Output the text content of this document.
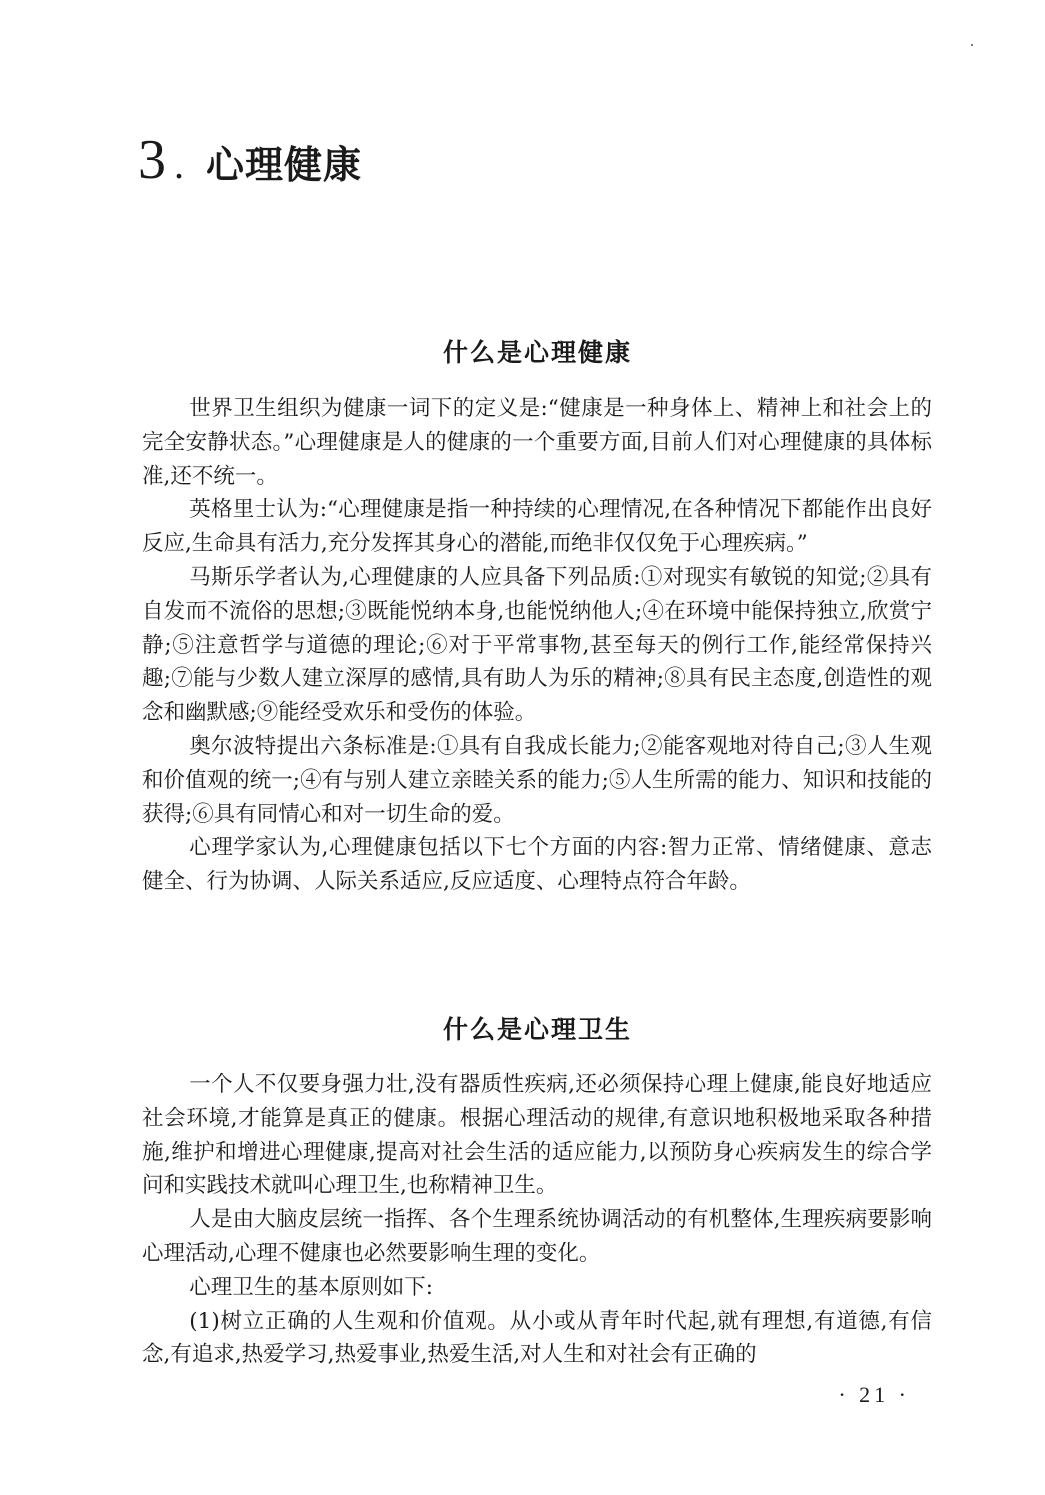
3 . 心理健康
什么是心理健康

世界卫生组织为健康一词下的定义是:“健康是一种身体上、精神上和社会上的完全安静状态。”心理健康是人的健康的一个重要方面,目前人们对心理健康的具体标准,还不统一。

英格里士认为:“心理健康是指一种持续的心理情况,在各种情况下都能作出良好反应,生命具有活力,充分发挥其身心的潜能,而绝非仅仅免于心理疾病。”

马斯乐学者认为,心理健康的人应具备下列品质:①对现实有敏锐的知觉;②具有自发而不流俗的思想;③既能悦纳本身,也能悦纳他人;④在环境中能保持独立,欣赏宁静;⑤注意哲学与道德的理论;⑥对于平常事物,甚至每天的例行工作,能经常保持兴趣;⑦能与少数人建立深厚的感情,具有助人为乐的精神;⑧具有民主态度,创造性的观念和幽默感;⑨能经受欢乐和受伤的体验。

奥尔波特提出六条标准是:①具有自我成长能力;②能客观地对待自己;③人生观和价值观的统一;④有与别人建立亲睦关系的能力;⑤人生所需的能力、知识和技能的获得;⑥具有同情心和对一切生命的爱。

心理学家认为,心理健康包括以下七个方面的内容:智力正常、情绪健康、意志健全、行为协调、人际关系适应,反应适度、心理特点符合年龄。

什么是心理卫生

一个人不仅要身强力壮,没有器质性疾病,还必须保持心理上健康,能良好地适应社会环境,才能算是真正的健康。根据心理活动的规律,有意识地积极地采取各种措施,维护和增进心理健康,提高对社会生活的适应能力,以预防身心疾病发生的综合学问和实践技术就叫心理卫生,也称精神卫生。

人是由大脑皮层统一指挥、各个生理系统协调活动的有机整体,生理疾病要影响心理活动,心理不健康也必然要影响生理的变化。

心理卫生的基本原则如下:

(1)树立正确的人生观和价值观。从小或从青年时代起,就有理想,有道德,有信念,有追求,热爱学习,热爱事业,热爱生活,对人生和对社会有正确的

· 21 ·
